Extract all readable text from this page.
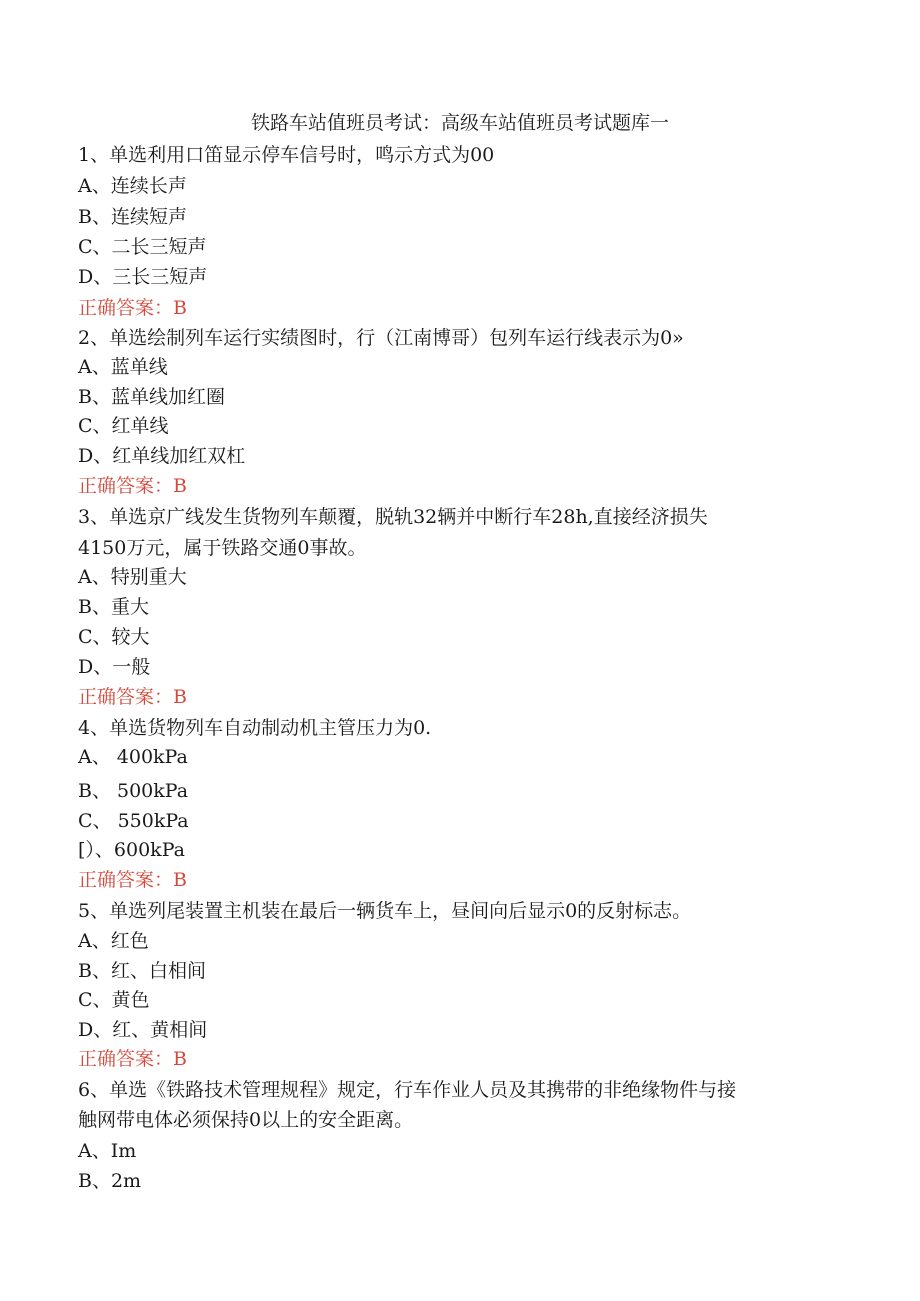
铁路车站值班员考试：高级车站值班员考试题库一
1、单选利用口笛显示停车信号时，鸣示方式为00
A、连续长声
B、连续短声
C、二长三短声
D、三长三短声
正确答案：B
2、单选绘制列车运行实绩图时，行（江南博哥）包列车运行线表示为0»
A、蓝单线
B、蓝单线加红圈
C、红单线
D、红单线加红双杠
正确答案：B
3、单选京广线发生货物列车颠覆，脱轨32辆并中断行车28h,直接经济损失
4150万元，属于铁路交通0事故。
A、特别重大
B、重大
C、较大
D、一般
正确答案：B
4、单选货物列车自动制动机主管压力为0.
A、 400kPa
B、 500kPa
C、 550kPa
[）、600kPa
正确答案：B
5、单选列尾装置主机装在最后一辆货车上，昼间向后显示0的反射标志。
A、红色
B、红、白相间
C、黄色
D、红、黄相间
正确答案：B
6、单选《铁路技术管理规程》规定，行车作业人员及其携带的非绝缘物件与接
触网带电体必须保持0以上的安全距离。
A、Im
B、2m
